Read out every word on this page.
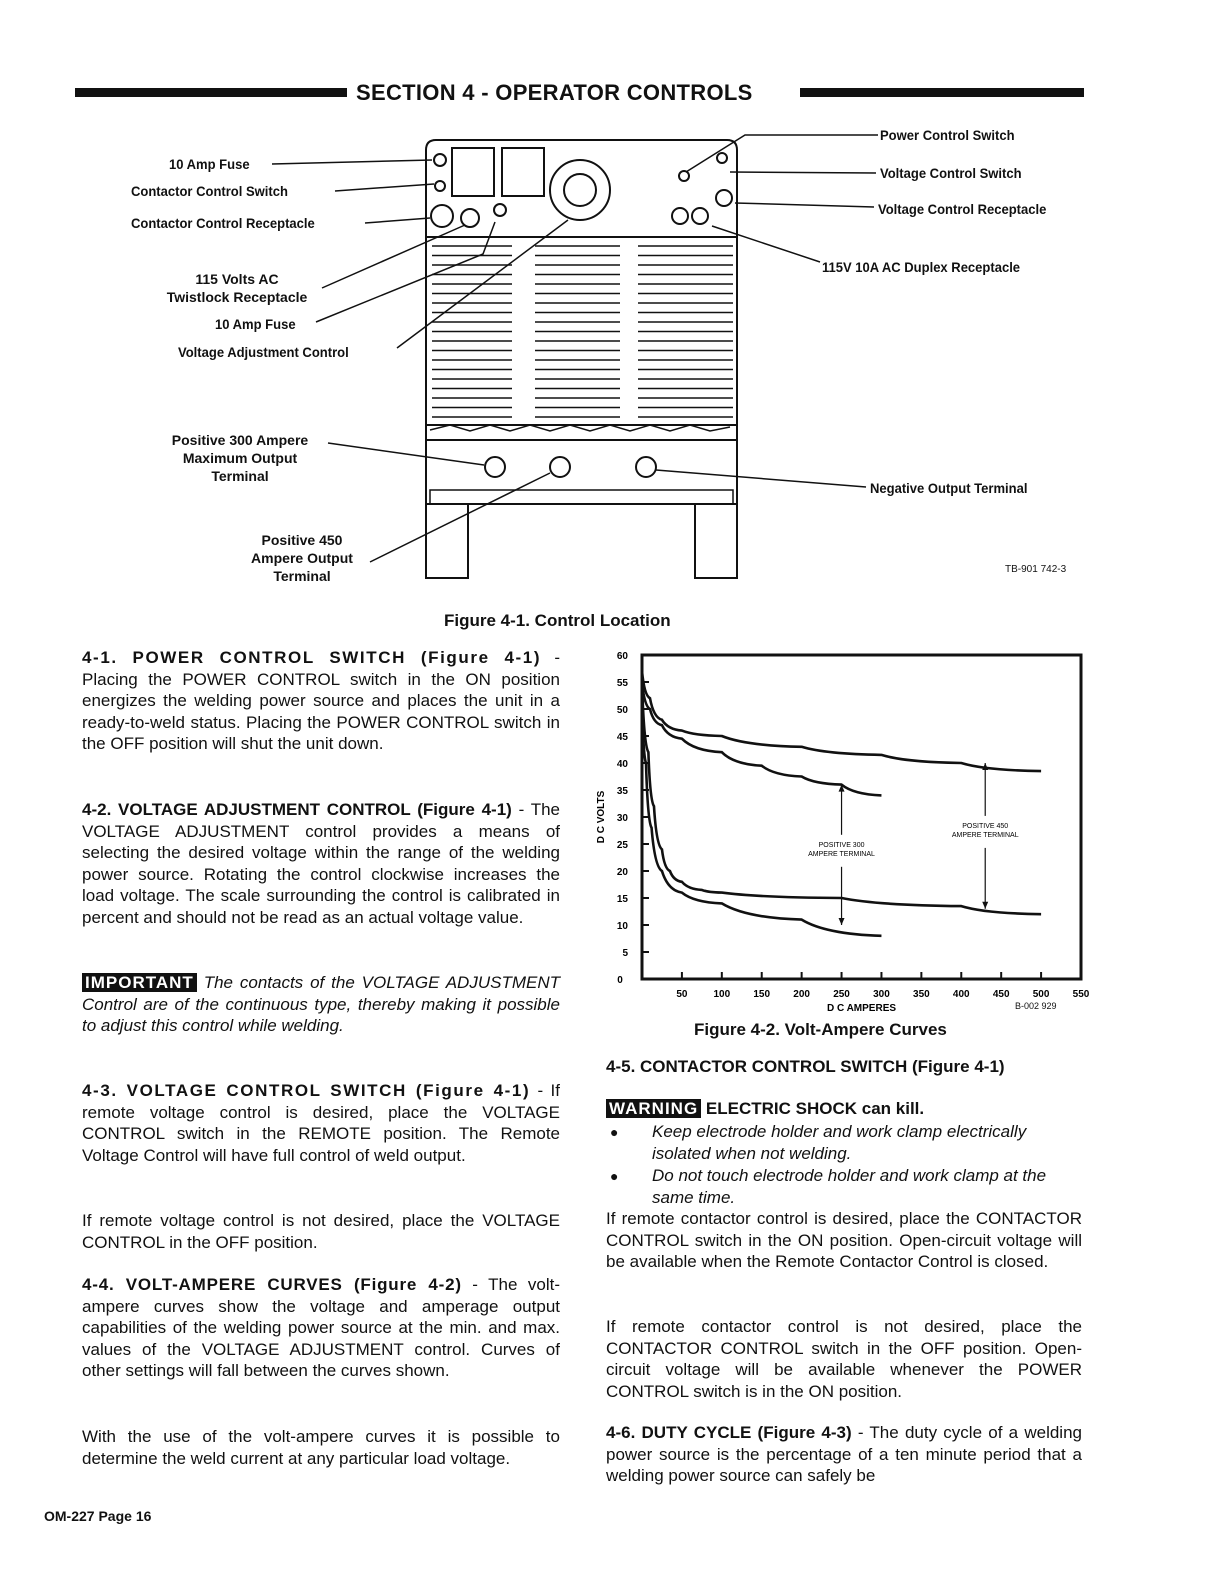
SECTION 4 - OPERATOR CONTROLS
10 Amp Fuse
Contactor Control Switch
Contactor Control Receptacle
115 Volts AC
Twistlock Receptacle
10 Amp Fuse
Voltage Adjustment Control
Positive 300 Ampere
Maximum Output
Terminal
Positive 450
Ampere Output
Terminal
Power Control Switch
Voltage Control Switch
Voltage Control Receptacle
115V 10A AC Duplex Receptacle
Negative Output Terminal
TB-901 742-3
Figure 4-1. Control Location
4-1. POWER CONTROL SWITCH (Figure 4-1) - Placing the POWER CONTROL switch in the ON position energizes the welding power source and places the unit in a ready-to-weld status. Placing the POWER CONTROL switch in the OFF position will shut the unit down.
4-2. VOLTAGE ADJUSTMENT CONTROL (Figure 4-1) - The VOLTAGE ADJUSTMENT control provides a means of selecting the desired voltage within the range of the welding power source. Rotating the control clockwise increases the load voltage. The scale surrounding the control is calibrated in percent and should not be read as an actual voltage value.
IMPORTANT The contacts of the VOLTAGE ADJUSTMENT Control are of the continuous type, thereby making it possible to adjust this control while welding.
4-3. VOLTAGE CONTROL SWITCH (Figure 4-1) - If remote voltage control is desired, place the VOLTAGE CONTROL switch in the REMOTE position. The Remote Voltage Control will have full control of weld output.
If remote voltage control is not desired, place the VOLTAGE CONTROL in the OFF position.
4-4. VOLT-AMPERE CURVES (Figure 4-2) - The volt-ampere curves show the voltage and amperage output capabilities of the welding power source at the min. and max. values of the VOLTAGE ADJUSTMENT control. Curves of other settings will fall between the curves shown.
With the use of the volt-ampere curves it is possible to determine the weld current at any particular load voltage.
OM-227 Page 16
5
10
15
20
25
30
35
40
45
50
55
60
0
50	100 150 200 250 300 350 400 450 500 550
D C AMPERES
D C VOLTS
POSITIVE 300
AMPERE TERMINAL
POSITIVE 450
AMPERE TERMINAL
B-002 929
Figure 4-2. Volt-Ampere Curves
4-5. CONTACTOR CONTROL SWITCH (Figure 4-1)
WARNING ELECTRIC SHOCK can kill.
● Keep electrode holder and work clamp electrically isolated when not welding.
● Do not touch electrode holder and work clamp at the same time.
If remote contactor control is desired, place the CONTACTOR CONTROL switch in the ON position. Open-circuit voltage will be available when the Remote Contactor Control is closed.
If remote contactor control is not desired, place the CONTACTOR CONTROL switch in the OFF position. Open-circuit voltage will be available whenever the POWER CONTROL switch is in the ON position.
4-6. DUTY CYCLE (Figure 4-3) - The duty cycle of a welding power source is the percentage of a ten minute period that a welding power source can safely be
